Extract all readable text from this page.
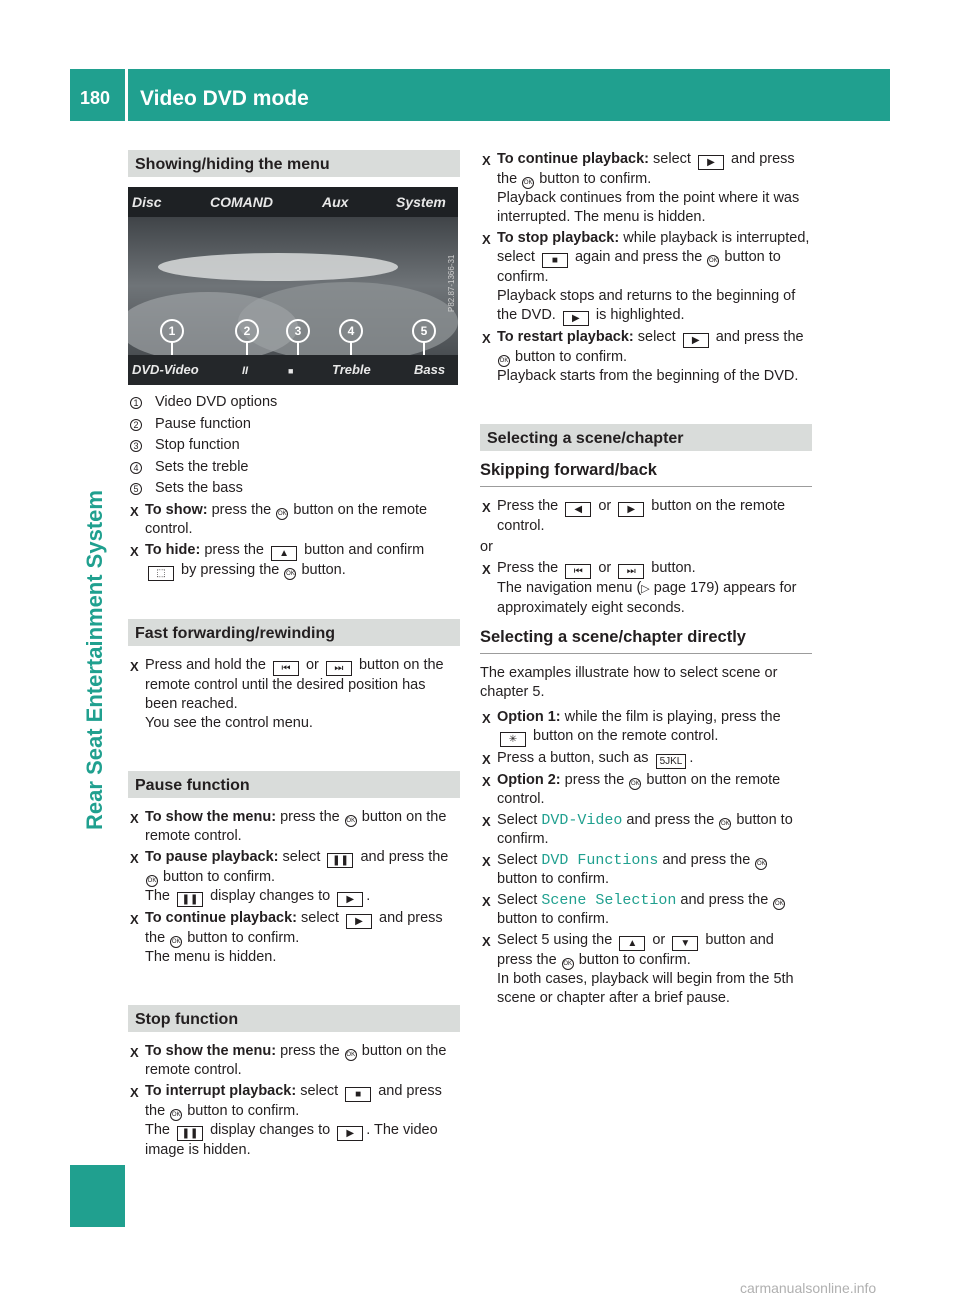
180 Video DVD mode
Rear Seat Entertainment System
Showing/hiding the menu
Disc	COMAND	Aux	System
DVD-Video	II	■	Treble	Bass
1	2	3	4	5
P82.87-1366-31
1 Video DVD options
2 Pause function
3 Stop function
4 Sets the treble
5 Sets the bass
X To show: press the OK button on the remote control.
X To hide: press the ▲ button and confirm ⬚ by pressing the OK button.
Fast forwarding/rewinding
X Press and hold the ⏮ or ⏭ button on the remote control until the desired position has been reached.
You see the control menu.
Pause function
X To show the menu: press the OK button on the remote control.
X To pause playback: select ❚❚ and press the OK button to confirm.
The ❚❚ display changes to ▶ .
X To continue playback: select ▶ and press the OK button to confirm.
The menu is hidden.
Stop function
X To show the menu: press the OK button on the remote control.
X To interrupt playback: select ■ and press the OK button to confirm.
The ❚❚ display changes to ▶ . The video image is hidden.
X To continue playback: select ▶ and press the OK button to confirm.
Playback continues from the point where it was interrupted. The menu is hidden.
X To stop playback: while playback is interrupted, select ■ again and press the OK button to confirm.
Playback stops and returns to the beginning of the DVD. ▶ is highlighted.
X To restart playback: select ▶ and press the OK button to confirm.
Playback starts from the beginning of the DVD.
Selecting a scene/chapter
Skipping forward/back
X Press the ◀ or ▶ button on the remote control.
or
X Press the ⏮ or ⏭ button.
The navigation menu (▷ page 179) appears for approximately eight seconds.
Selecting a scene/chapter directly
The examples illustrate how to select scene or chapter 5.
X Option 1: while the film is playing, press the ✳ button on the remote control.
X Press a button, such as 5JKL .
X Option 2: press the OK button on the remote control.
X Select DVD-Video and press the OK button to confirm.
X Select DVD Functions and press the OK button to confirm.
X Select Scene Selection and press the OK button to confirm.
X Select 5 using the ▲ or ▼ button and press the OK button to confirm.
In both cases, playback will begin from the 5th scene or chapter after a brief pause.
carmanualsonline.info
